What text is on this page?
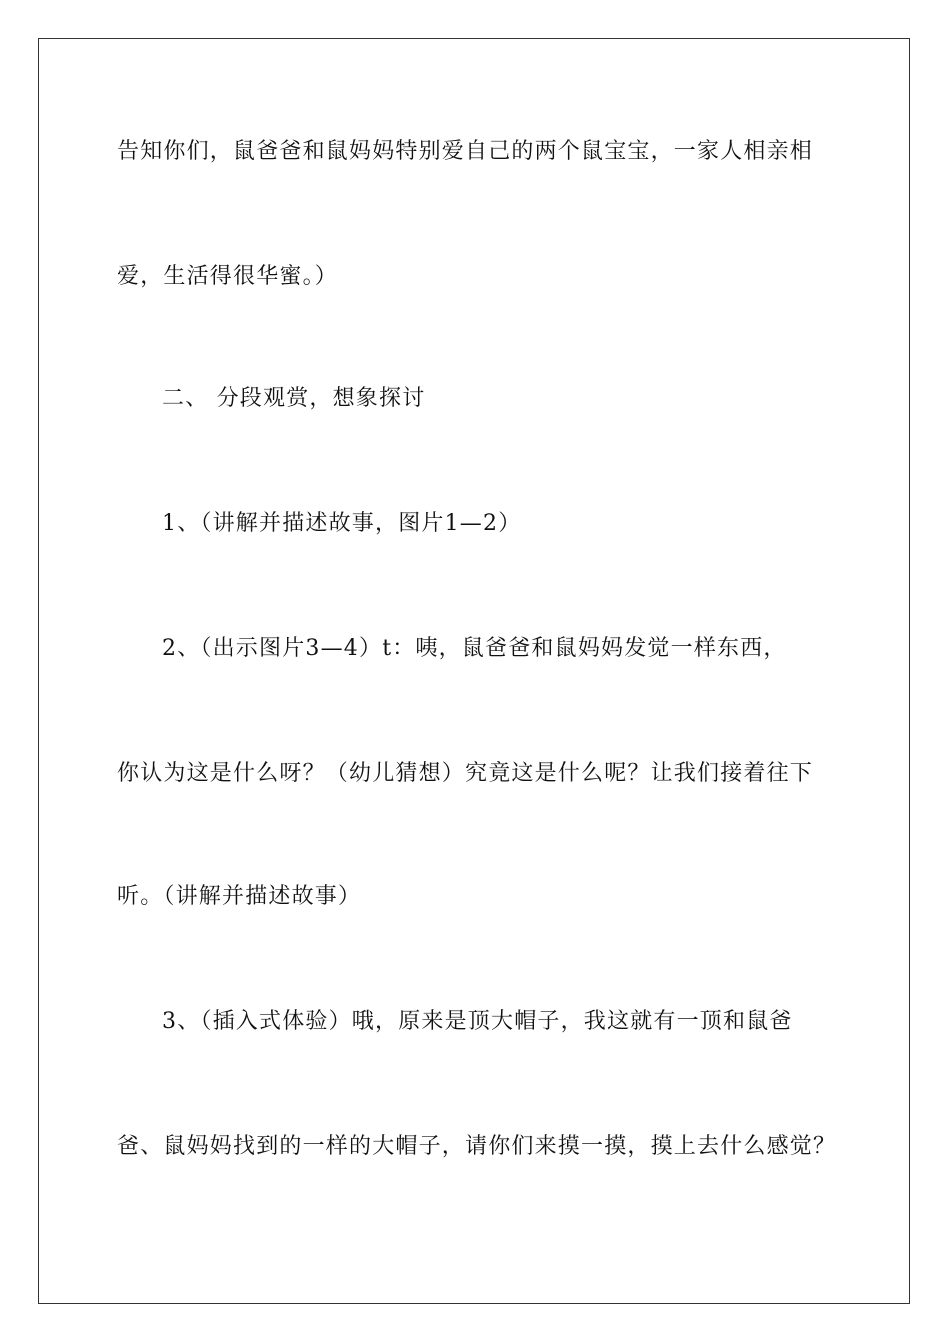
告知你们，鼠爸爸和鼠妈妈特别爱自己的两个鼠宝宝，一家人相亲相
爱，生活得很华蜜。）
二、 分段观赏，想象探讨
1、（讲解并描述故事，图片1—2）
2、（出示图片3—4）t：咦，鼠爸爸和鼠妈妈发觉一样东西，
你认为这是什么呀？（幼儿猜想）究竟这是什么呢？让我们接着往下
听。（讲解并描述故事）
3、（插入式体验）哦，原来是顶大帽子，我这就有一顶和鼠爸
爸、鼠妈妈找到的一样的大帽子，请你们来摸一摸，摸上去什么感觉？
